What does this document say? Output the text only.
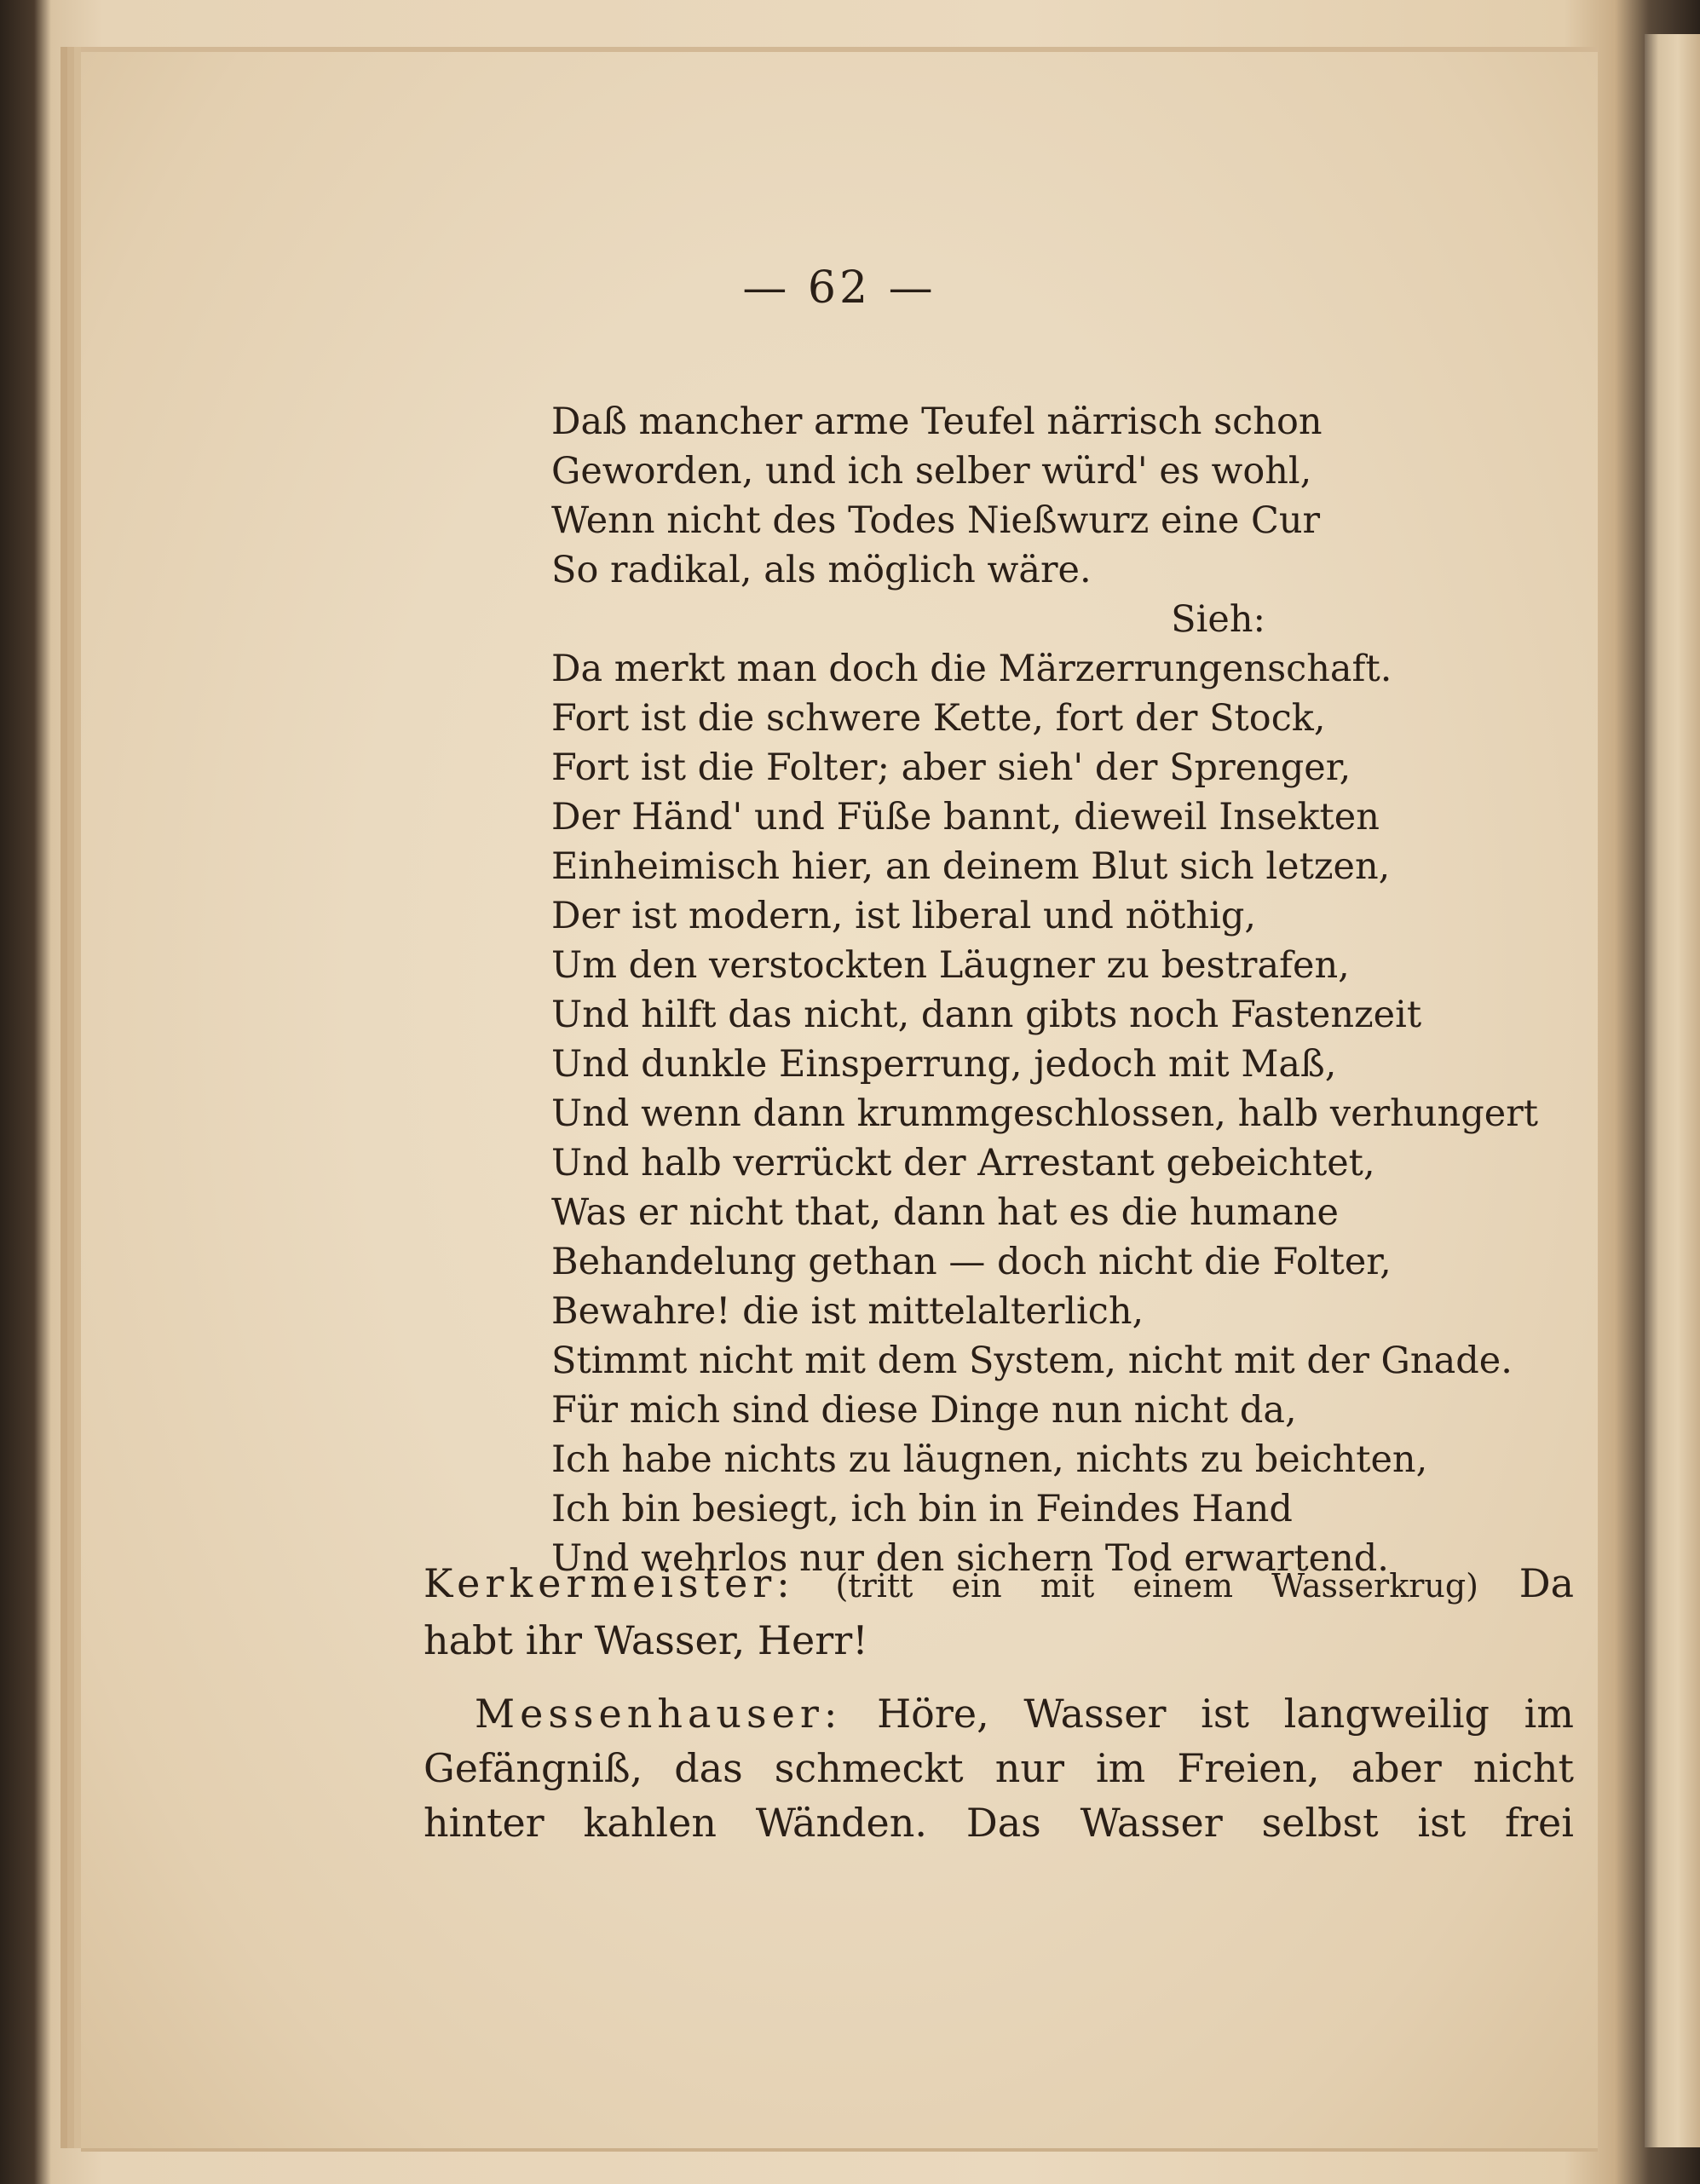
— 62 —

Daß mancher arme Teufel närrisch schon
Geworden, und ich selber würd' es wohl,
Wenn nicht des Todes Nießwurz eine Cur
So radikal, als möglich wäre.
Sieh:
Da merkt man doch die Märzerrungenschaft.
Fort ist die schwere Kette, fort der Stock,
Fort ist die Folter; aber sieh' der Sprenger,
Der Händ' und Füße bannt, dieweil Insekten
Einheimisch hier, an deinem Blut sich letzen,
Der ist modern, ist liberal und nöthig,
Um den verstockten Läugner zu bestrafen,
Und hilft das nicht, dann gibts noch Fastenzeit
Und dunkle Einsperrung, jedoch mit Maß,
Und wenn dann krummgeschlossen, halb verhungert
Und halb verrückt der Arrestant gebeichtet,
Was er nicht that, dann hat es die humane
Behandelung gethan — doch nicht die Folter,
Bewahre! die ist mittelalterlich,
Stimmt nicht mit dem System, nicht mit der Gnade.
Für mich sind diese Dinge nun nicht da,
Ich habe nichts zu läugnen, nichts zu beichten,
Ich bin besiegt, ich bin in Feindes Hand
Und wehrlos nur den sichern Tod erwartend.
Kerkermeister: (tritt ein mit einem Wasserkrug) Da
habt ihr Wasser, Herr!
Messenhauser: Höre, Wasser ist langweilig im
Gefängniß, das schmeckt nur im Freien, aber nicht
hinter kahlen Wänden. Das Wasser selbst ist frei
